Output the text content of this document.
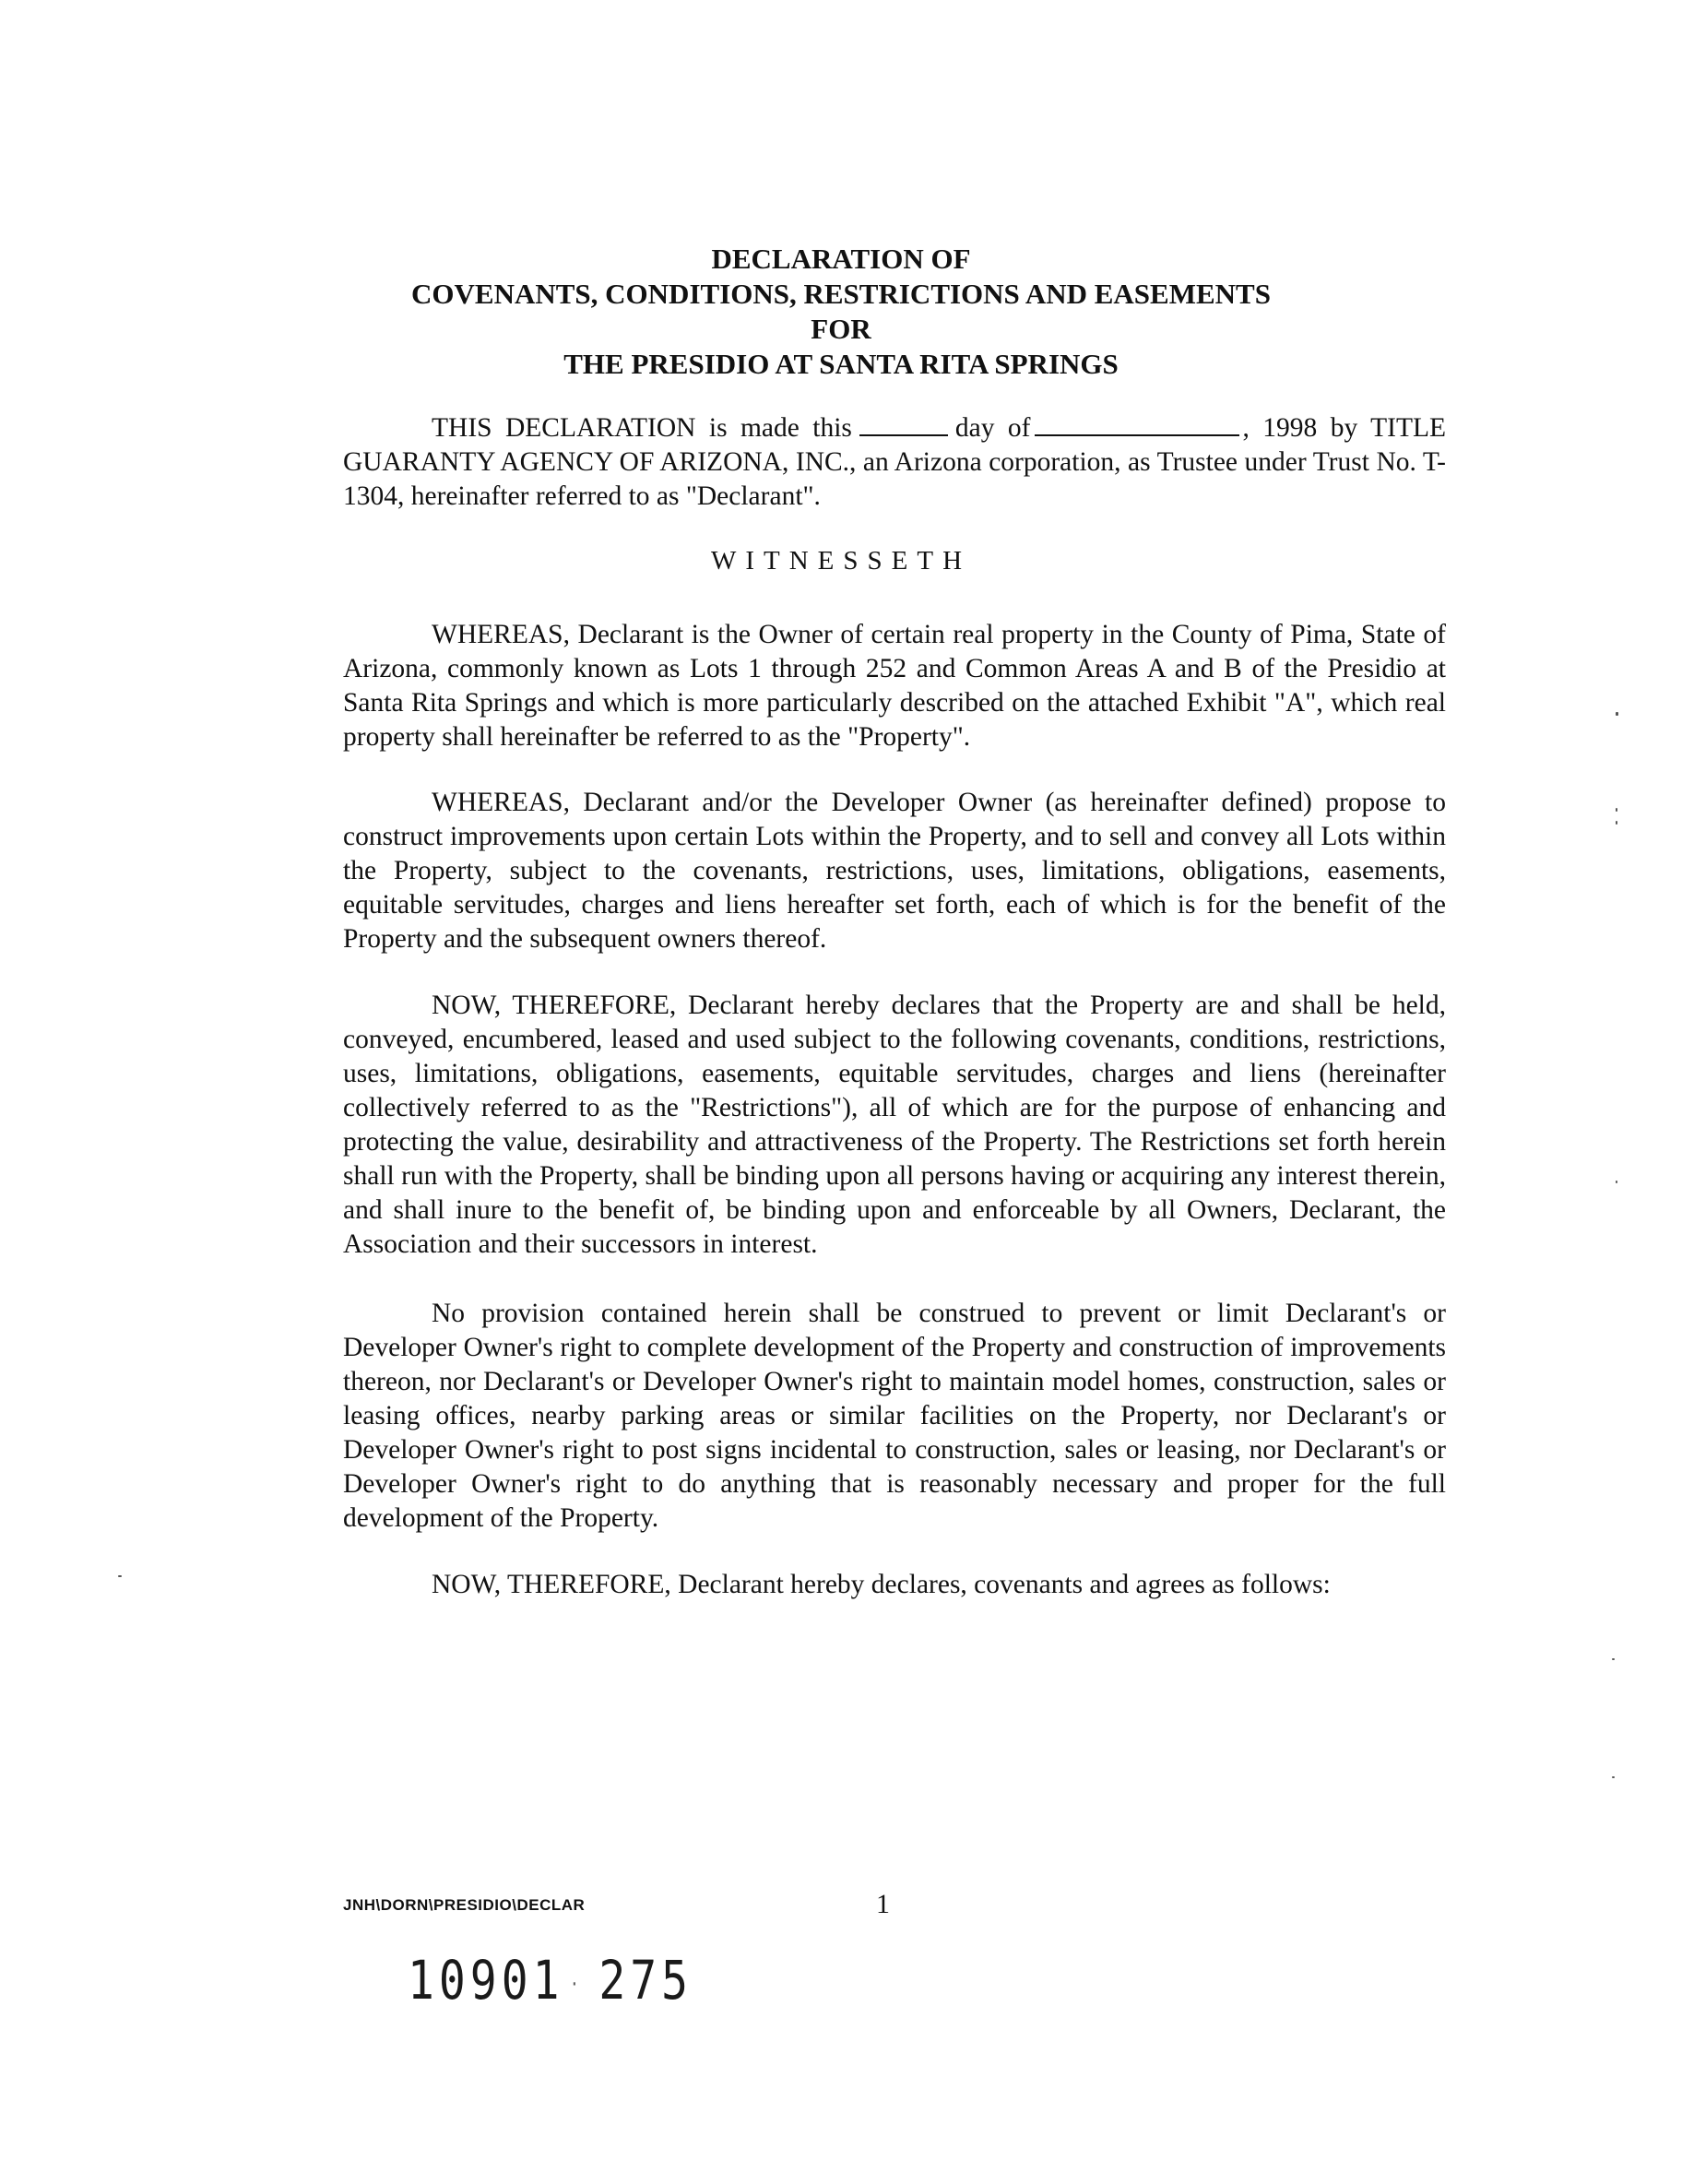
DECLARATION OF
COVENANTS, CONDITIONS, RESTRICTIONS AND EASEMENTS
FOR
THE PRESIDIO AT SANTA RITA SPRINGS
THIS DECLARATION is made this	day of	, 1998 by TITLE GUARANTY AGENCY OF ARIZONA, INC., an Arizona corporation, as Trustee under Trust No. T-1304, hereinafter referred to as "Declarant".
WITNESSETH

WHEREAS, Declarant is the Owner of certain real property in the County of Pima, State of Arizona, commonly known as Lots 1 through 252 and Common Areas A and B of the Presidio at Santa Rita Springs and which is more particularly described on the attached Exhibit "A", which real property shall hereinafter be referred to as the "Property".

WHEREAS, Declarant and/or the Developer Owner (as hereinafter defined) propose to construct improvements upon certain Lots within the Property, and to sell and convey all Lots within the Property, subject to the covenants, restrictions, uses, limitations, obligations, easements, equitable servitudes, charges and liens hereafter set forth, each of which is for the benefit of the Property and the subsequent owners thereof.

NOW, THEREFORE, Declarant hereby declares that the Property are and shall be held, conveyed, encumbered, leased and used subject to the following covenants, conditions, restrictions, uses, limitations, obligations, easements, equitable servitudes, charges and liens (hereinafter collectively referred to as the "Restrictions"), all of which are for the purpose of enhancing and protecting the value, desirability and attractiveness of the Property. The Restrictions set forth herein shall run with the Property, shall be binding upon all persons having or acquiring any interest therein, and shall inure to the benefit of, be binding upon and enforceable by all Owners, Declarant, the Association and their successors in interest.

No provision contained herein shall be construed to prevent or limit Declarant's or Developer Owner's right to complete development of the Property and construction of improvements thereon, nor Declarant's or Developer Owner's right to maintain model homes, construction, sales or leasing offices, nearby parking areas or similar facilities on the Property, nor Declarant's or Developer Owner's right to post signs incidental to construction, sales or leasing, nor Declarant's or Developer Owner's right to do anything that is reasonably necessary and proper for the full development of the Property.

NOW, THEREFORE, Declarant hereby declares, covenants and agrees as follows:

JNH\DORN\PRESIDIO\DECLAR	1
10901 · 275
